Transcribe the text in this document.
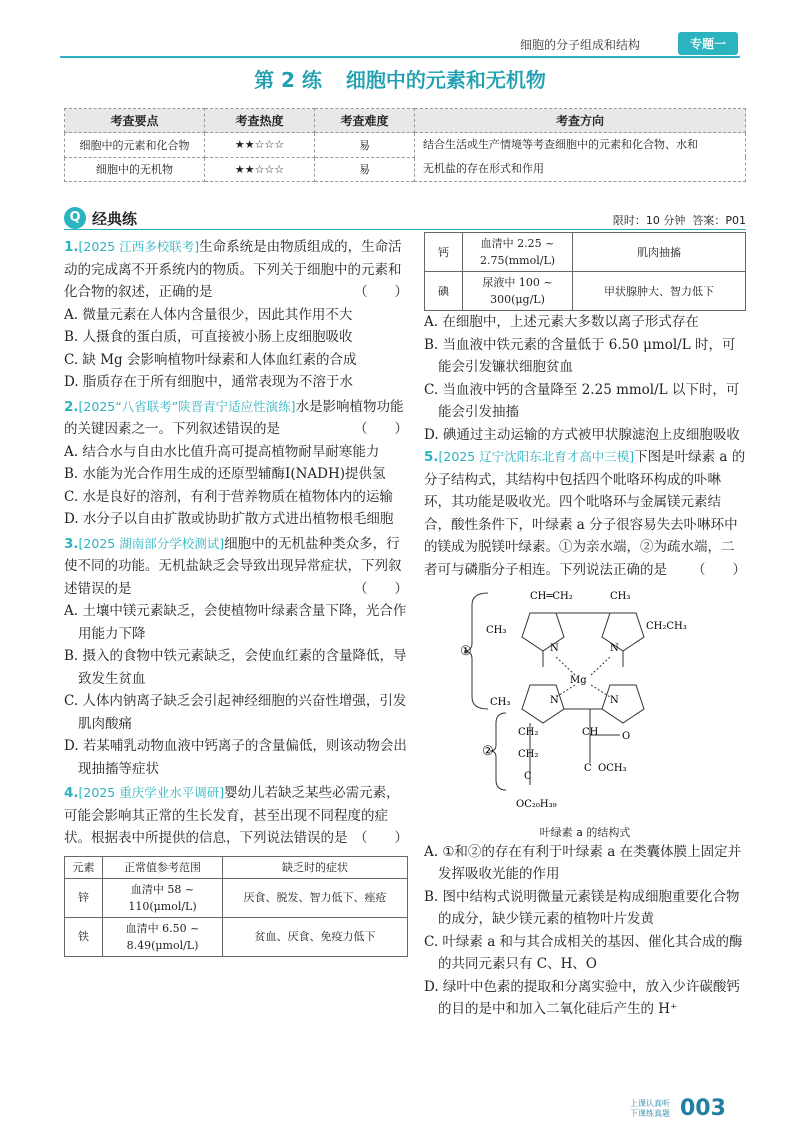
细胞的分子组成和结构	专题一
第 2 练 细胞中的元素和无机物
考查要点	考查热度	考查难度	考查方向
细胞中的元素和化合物	★★☆☆☆	易	结合生活或生产情境等考查细胞中的元素和化合物、水和
无机盐的存在形式和作用

细胞中的无机物	★★☆☆☆	易	
Q 经典练	限时：10 分钟 答案：P01
1.[2025 江西多校联考]生命系统是由物质组成的，生命活动的完成离不开系统内的物质。下列关于细胞中的元素和化合物的叙述，正确的是	（　　）
A. 微量元素在人体内含量很少，因此其作用不大
B. 人摄食的蛋白质，可直接被小肠上皮细胞吸收
C. 缺 Mg 会影响植物叶绿素和人体血红素的合成
D. 脂质存在于所有细胞中，通常表现为不溶于水
2.[2025“八省联考”陕晋青宁适应性演练]水是影响植物功能的关键因素之一。下列叙述错误的是	（　　）
A. 结合水与自由水比值升高可提高植物耐旱耐寒能力
B. 水能为光合作用生成的还原型辅酶Ⅰ(NADH)提供氢
C. 水是良好的溶剂，有利于营养物质在植物体内的运输
D. 水分子以自由扩散或协助扩散方式进出植物根毛细胞
3.[2025 湖南部分学校测试]细胞中的无机盐种类众多，行使不同的功能。无机盐缺乏会导致出现异常症状，下列叙述错误的是	（　　）
A. 土壤中镁元素缺乏，会使植物叶绿素含量下降，光合作用能力下降
B. 摄入的食物中铁元素缺乏，会使血红素的含量降低，导致发生贫血
C. 人体内钠离子缺乏会引起神经细胞的兴奋性增强，引发肌肉酸痛
D. 若某哺乳动物血液中钙离子的含量偏低，则该动物会出现抽搐等症状
4.[2025 重庆学业水平调研]婴幼儿若缺乏某些必需元素，可能会影响其正常的生长发育，甚至出现不同程度的症状。根据表中所提供的信息，下列说法错误的是 （　　）
元素	正常值参考范围	缺乏时的症状
锌	血清中 58 ~ 110(μmol/L)	厌食、脱发、智力低下、痤疮
铁	血清中 6.50 ~ 8.49(μmol/L)	贫血、厌食、免疫力低下
钙	血清中 2.25 ~ 2.75(mmol/L)	肌肉抽搐
碘	尿液中 100 ~ 300(μg/L)	甲状腺肿大、智力低下
A. 在细胞中，上述元素大多数以离子形式存在
B. 当血液中铁元素的含量低于 6.50 μmol/L 时，可能会引发镰状细胞贫血
C. 当血液中钙的含量降至 2.25 mmol/L 以下时，可能会引发抽搐
D. 碘通过主动运输的方式被甲状腺滤泡上皮细胞吸收
5.[2025 辽宁沈阳东北育才高中三模]下图是叶绿素 a 的分子结构式，其结构中包括四个吡咯环构成的卟啉环，其功能是吸收光。四个吡咯环与金属镁元素结合，酸性条件下，叶绿素 a 分子很容易失去卟啉环中的镁成为脱镁叶绿素。①为亲水端，②为疏水端，二者可与磷脂分子相连。下列说法正确的是 （　　）
Mg
①
②
CH═CH₂	CH₃
CH₃	CH₂CH₃
CH₃
N	N
N	N
CH₂
CH₂
CH O
C
C OCH₃
OC₂₀H₃₉
叶绿素 a 的结构式
A. ①和②的存在有利于叶绿素 a 在类囊体膜上固定并发挥吸收光能的作用
B. 图中结构式说明微量元素镁是构成细胞重要化合物的成分，缺少镁元素的植物叶片发黄
C. 叶绿素 a 和与其合成相关的基因、催化其合成的酶的共同元素只有 C、H、O
D. 绿叶中色素的提取和分离实验中，放入少许碳酸钙的目的是中和加入二氧化硅后产生的 H⁺
上课认真听
下课练真题 003
